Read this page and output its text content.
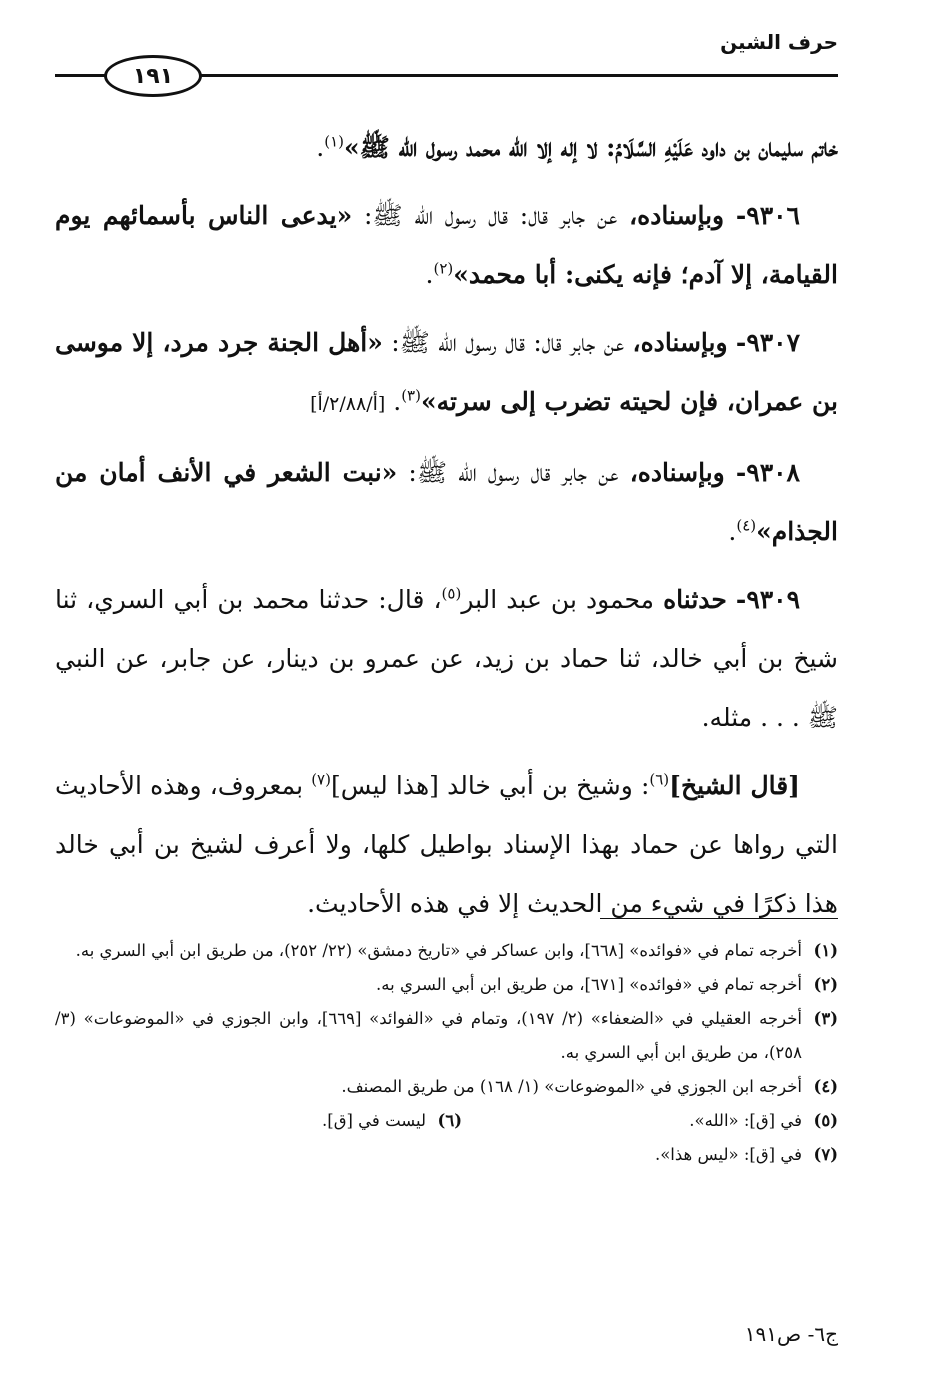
حرف الشين
١٩١

خاتم سليمان بن داود عَلَيْهِ السَّلَامُ: لا إله إلا الله محمد رسول الله ﷺ»$^{(١)}$.

٩٣٠٦- وبإسناده، عن جابر قال: قال رسول الله ﷺ: «يدعى الناس بأسمائهم يوم القيامة، إلا آدم؛ فإنه يكنى: أبا محمد»$^{(٢)}$.

٩٣٠٧- وبإسناده، عن جابر قال: قال رسول الله ﷺ: «أهل الجنة جرد مرد، إلا موسى بن عمران، فإن لحيته تضرب إلى سرته»$^{(٣)}$. [أ/٢/٨٨/أ]

٩٣٠٨- وبإسناده، عن جابر قال رسول الله ﷺ: «نبت الشعر في الأنف أمان من الجذام»$^{(٤)}$.

٩٣٠٩- حدثناه محمود بن عبد البر$^{(٥)}$، قال: حدثنا محمد بن أبي السري، ثنا شيخ بن أبي خالد، ثنا حماد بن زيد، عن عمرو بن دينار، عن جابر، عن النبي ﷺ . . . مثله.

[قال الشيخ]$^{(٦)}$: وشيخ بن أبي خالد [هذا ليس]$^{(٧)}$ بمعروف، وهذه الأحاديث التي رواها عن حماد بهذا الإسناد بواطيل كلها، ولا أعرف لشيخ بن أبي خالد هذا ذكرًا في شيء من الحديث إلا في هذه الأحاديث.

(١)
أخرجه تمام في «فوائده» [٦٦٨]، وابن عساكر في «تاريخ دمشق» (٢٢/ ٢٥٢)، من طريق ابن أبي السري به.

(٢)
أخرجه تمام في «فوائده» [٦٧١]، من طريق ابن أبي السري به.

(٣)
أخرجه العقيلي في «الضعفاء» (٢/ ١٩٧)، وتمام في «الفوائد» [٦٦٩]، وابن الجوزي في «الموضوعات» (٣/ ٢٥٨)، من طريق ابن أبي السري به.

(٤)
أخرجه ابن الجوزي في «الموضوعات» (١/ ١٦٨) من طريق المصنف.

(٥)
في [ق]: «الله».

(٦)
ليست في [ق].

(٧)
في [ق]: «ليس هذا».

ج٦- ص١٩١
